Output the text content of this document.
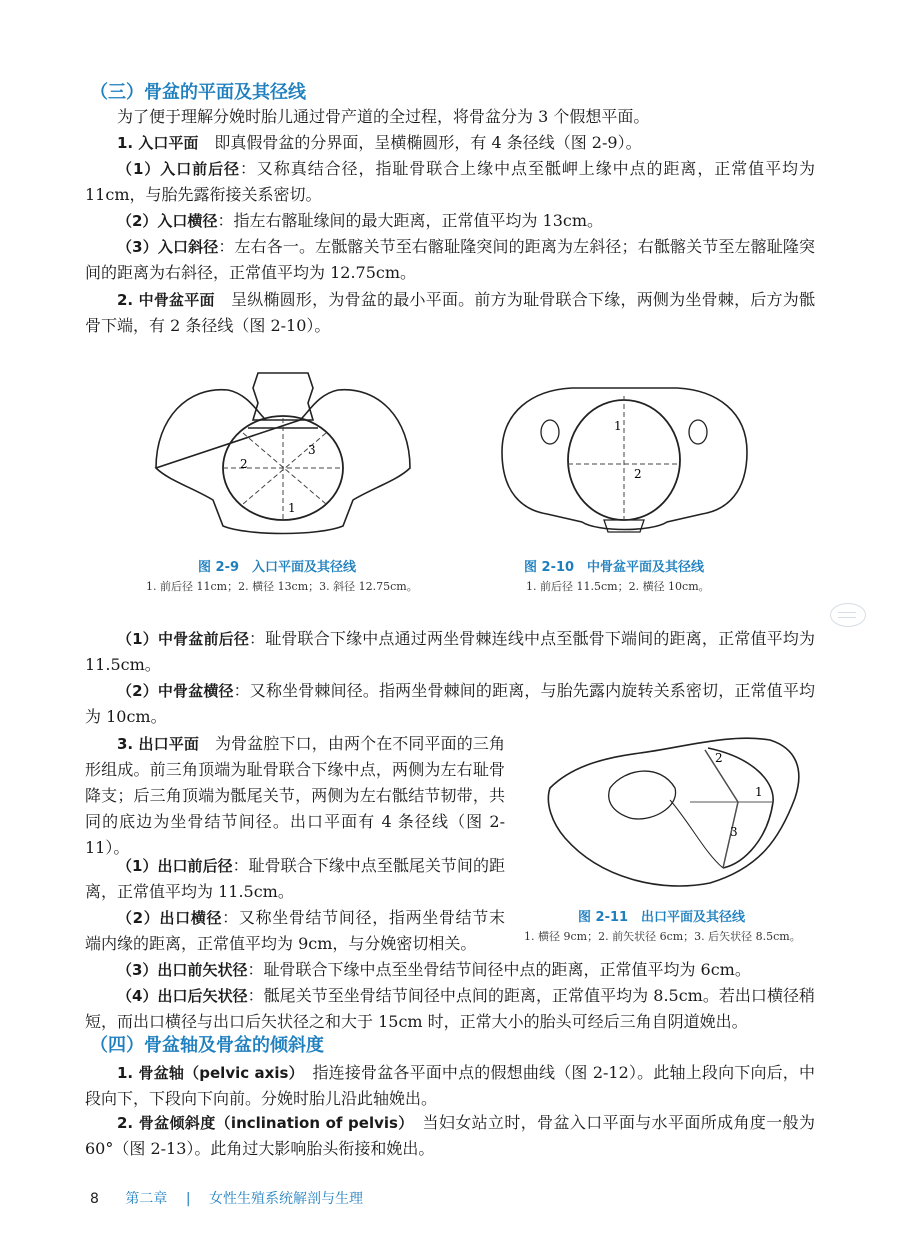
（三）骨盆的平面及其径线

为了便于理解分娩时胎儿通过骨产道的全过程，将骨盆分为 3 个假想平面。

1. 入口平面　即真假骨盆的分界面，呈横椭圆形，有 4 条径线（图 2-9）。

（1）入口前后径：又称真结合径，指耻骨联合上缘中点至骶岬上缘中点的距离，正常值平均为 11cm，与胎先露衔接关系密切。

（2）入口横径：指左右髂耻缘间的最大距离，正常值平均为 13cm。

（3）入口斜径：左右各一。左骶髂关节至右髂耻隆突间的距离为左斜径；右骶髂关节至左髂耻隆突间的距离为右斜径，正常值平均为 12.75cm。

2. 中骨盆平面　呈纵椭圆形，为骨盆的最小平面。前方为耻骨联合下缘，两侧为坐骨棘，后方为骶骨下端，有 2 条径线（图 2-10）。

1
2
3
图 2-9　入口平面及其径线
1. 前后径 11cm；2. 横径 13cm；3. 斜径 12.75cm。
1
2
图 2-10　中骨盆平面及其径线
1. 前后径 11.5cm；2. 横径 10cm。

（1）中骨盆前后径：耻骨联合下缘中点通过两坐骨棘连线中点至骶骨下端间的距离，正常值平均为 11.5cm。

（2）中骨盆横径：又称坐骨棘间径。指两坐骨棘间的距离，与胎先露内旋转关系密切，正常值平均为 10cm。

3. 出口平面　为骨盆腔下口，由两个在不同平面的三角形组成。前三角顶端为耻骨联合下缘中点，两侧为左右耻骨降支；后三角顶端为骶尾关节，两侧为左右骶结节韧带，共同的底边为坐骨结节间径。出口平面有 4 条径线（图 2-11）。

1
2
3
图 2-11　出口平面及其径线
1. 横径 9cm；2. 前矢状径 6cm；3. 后矢状径 8.5cm。

（1）出口前后径：耻骨联合下缘中点至骶尾关节间的距离，正常值平均为 11.5cm。

（2）出口横径：又称坐骨结节间径，指两坐骨结节末端内缘的距离，正常值平均为 9cm，与分娩密切相关。

（3）出口前矢状径：耻骨联合下缘中点至坐骨结节间径中点的距离，正常值平均为 6cm。

（4）出口后矢状径：骶尾关节至坐骨结节间径中点间的距离，正常值平均为 8.5cm。若出口横径稍短，而出口横径与出口后矢状径之和大于 15cm 时，正常大小的胎头可经后三角自阴道娩出。

（四）骨盆轴及骨盆的倾斜度

1. 骨盆轴（pelvic axis）　指连接骨盆各平面中点的假想曲线（图 2-12）。此轴上段向下向后，中段向下，下段向下向前。分娩时胎儿沿此轴娩出。

2. 骨盆倾斜度（inclination of pelvis）　当妇女站立时，骨盆入口平面与水平面所成角度一般为 60°（图 2-13）。此角过大影响胎头衔接和娩出。

8 第二章 | 女性生殖系统解剖与生理
